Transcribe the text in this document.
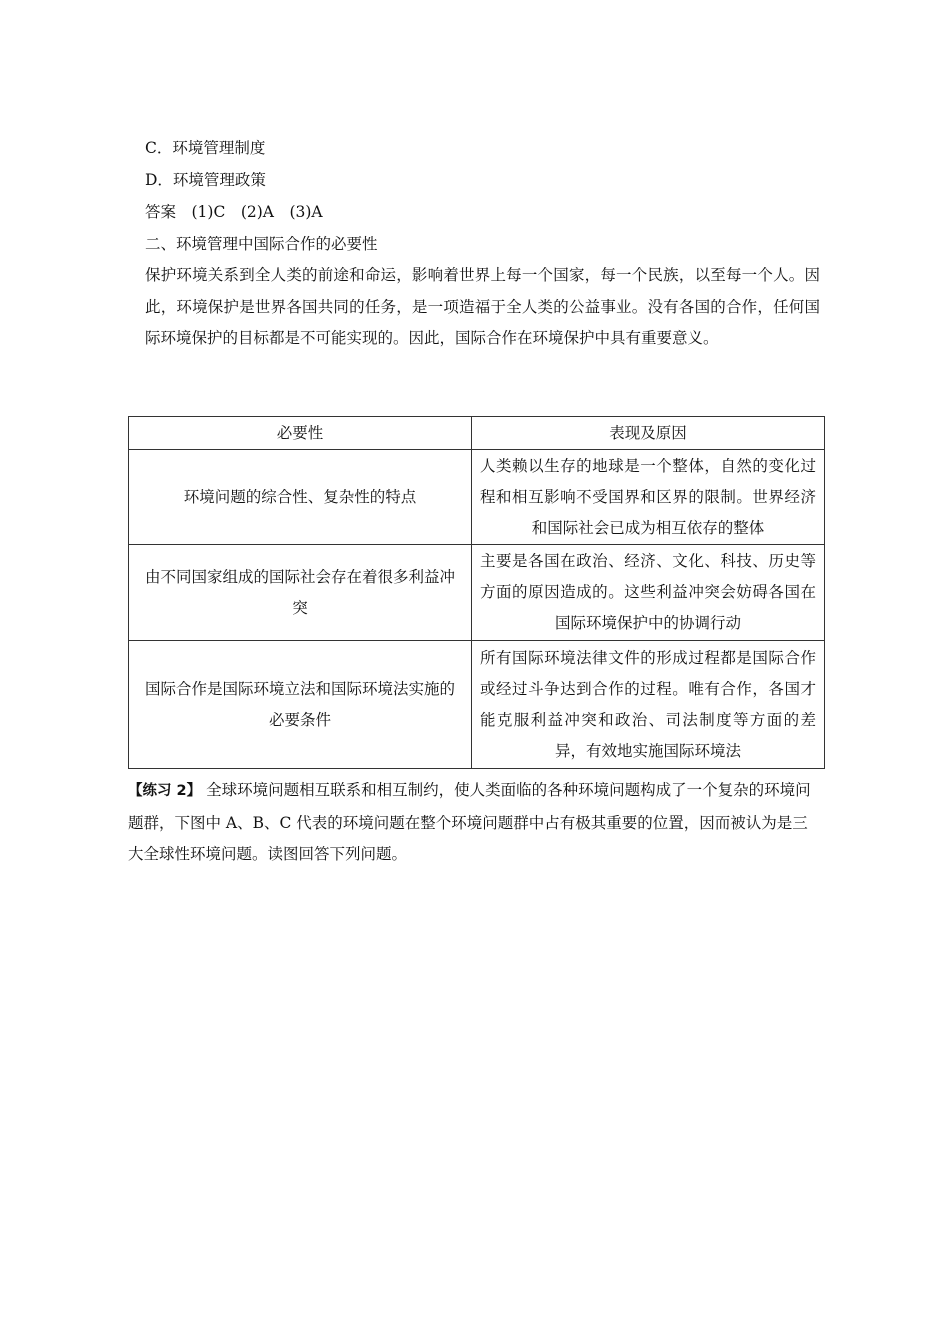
C．环境管理制度
D．环境管理政策
答案　(1)C　(2)A　(3)A
二、环境管理中国际合作的必要性
保护环境关系到全人类的前途和命运，影响着世界上每一个国家，每一个民族，以至每一个人。因此，环境保护是世界各国共同的任务，是一项造福于全人类的公益事业。没有各国的合作，任何国际环境保护的目标都是不可能实现的。因此，国际合作在环境保护中具有重要意义。
必要性	表现及原因
环境问题的综合性、复杂性的特点	人类赖以生存的地球是一个整体，自然的变化过程和相互影响不受国界和区界的限制。世界经济和国际社会已成为相互依存的整体
由不同国家组成的国际社会存在着很多利益冲突	主要是各国在政治、经济、文化、科技、历史等方面的原因造成的。这些利益冲突会妨碍各国在国际环境保护中的协调行动
国际合作是国际环境立法和国际环境法实施的必要条件	所有国际环境法律文件的形成过程都是国际合作或经过斗争达到合作的过程。唯有合作，各国才能克服利益冲突和政治、司法制度等方面的差异，有效地实施国际环境法
【练习 2】 全球环境问题相互联系和相互制约，使人类面临的各种环境问题构成了一个复杂的环境问题群，下图中 A、B、C 代表的环境问题在整个环境问题群中占有极其重要的位置，因而被认为是三大全球性环境问题。读图回答下列问题。
